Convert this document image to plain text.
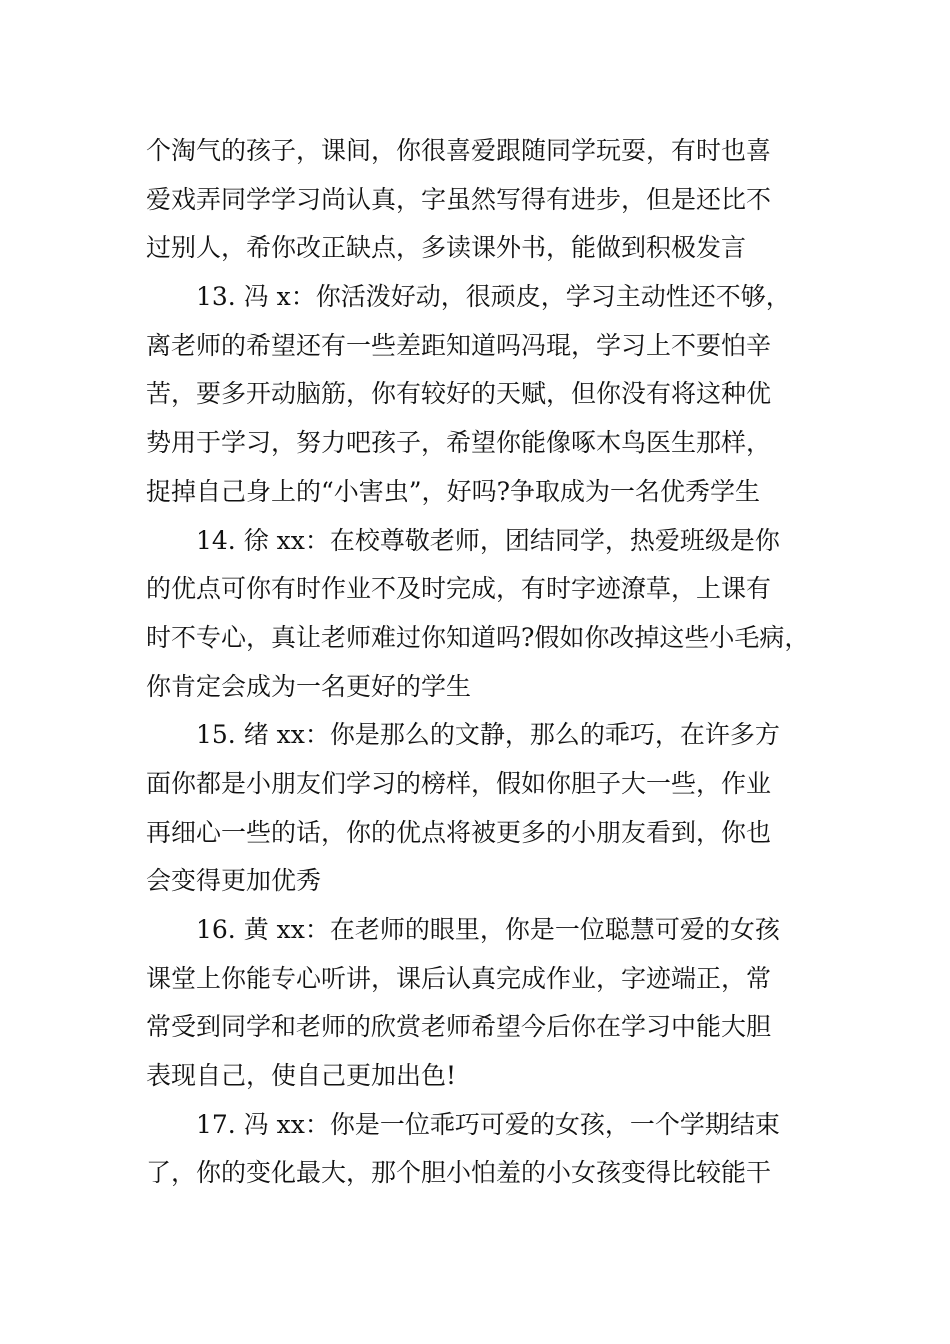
个淘气的孩子，课间，你很喜爱跟随同学玩耍，有时也喜
爱戏弄同学学习尚认真，字虽然写得有进步，但是还比不
过别人，希你改正缺点，多读课外书，能做到积极发言
13. 冯 x：你活泼好动，很顽皮，学习主动性还不够，
离老师的希望还有一些差距知道吗冯琨，学习上不要怕辛
苦，要多开动脑筋，你有较好的天赋，但你没有将这种优
势用于学习，努力吧孩子，希望你能像啄木鸟医生那样，
捉掉自己身上的“小害虫”，好吗?争取成为一名优秀学生
14. 徐 xx：在校尊敬老师，团结同学，热爱班级是你
的优点可你有时作业不及时完成，有时字迹潦草，上课有
时不专心，真让老师难过你知道吗?假如你改掉这些小毛病，
你肯定会成为一名更好的学生
15. 绪 xx：你是那么的文静，那么的乖巧，在许多方
面你都是小朋友们学习的榜样，假如你胆子大一些，作业
再细心一些的话，你的优点将被更多的小朋友看到，你也
会变得更加优秀
16. 黄 xx：在老师的眼里，你是一位聪慧可爱的女孩
课堂上你能专心听讲，课后认真完成作业，字迹端正，常
常受到同学和老师的欣赏老师希望今后你在学习中能大胆
表现自己，使自己更加出色!
17. 冯 xx：你是一位乖巧可爱的女孩，一个学期结束
了，你的变化最大，那个胆小怕羞的小女孩变得比较能干
